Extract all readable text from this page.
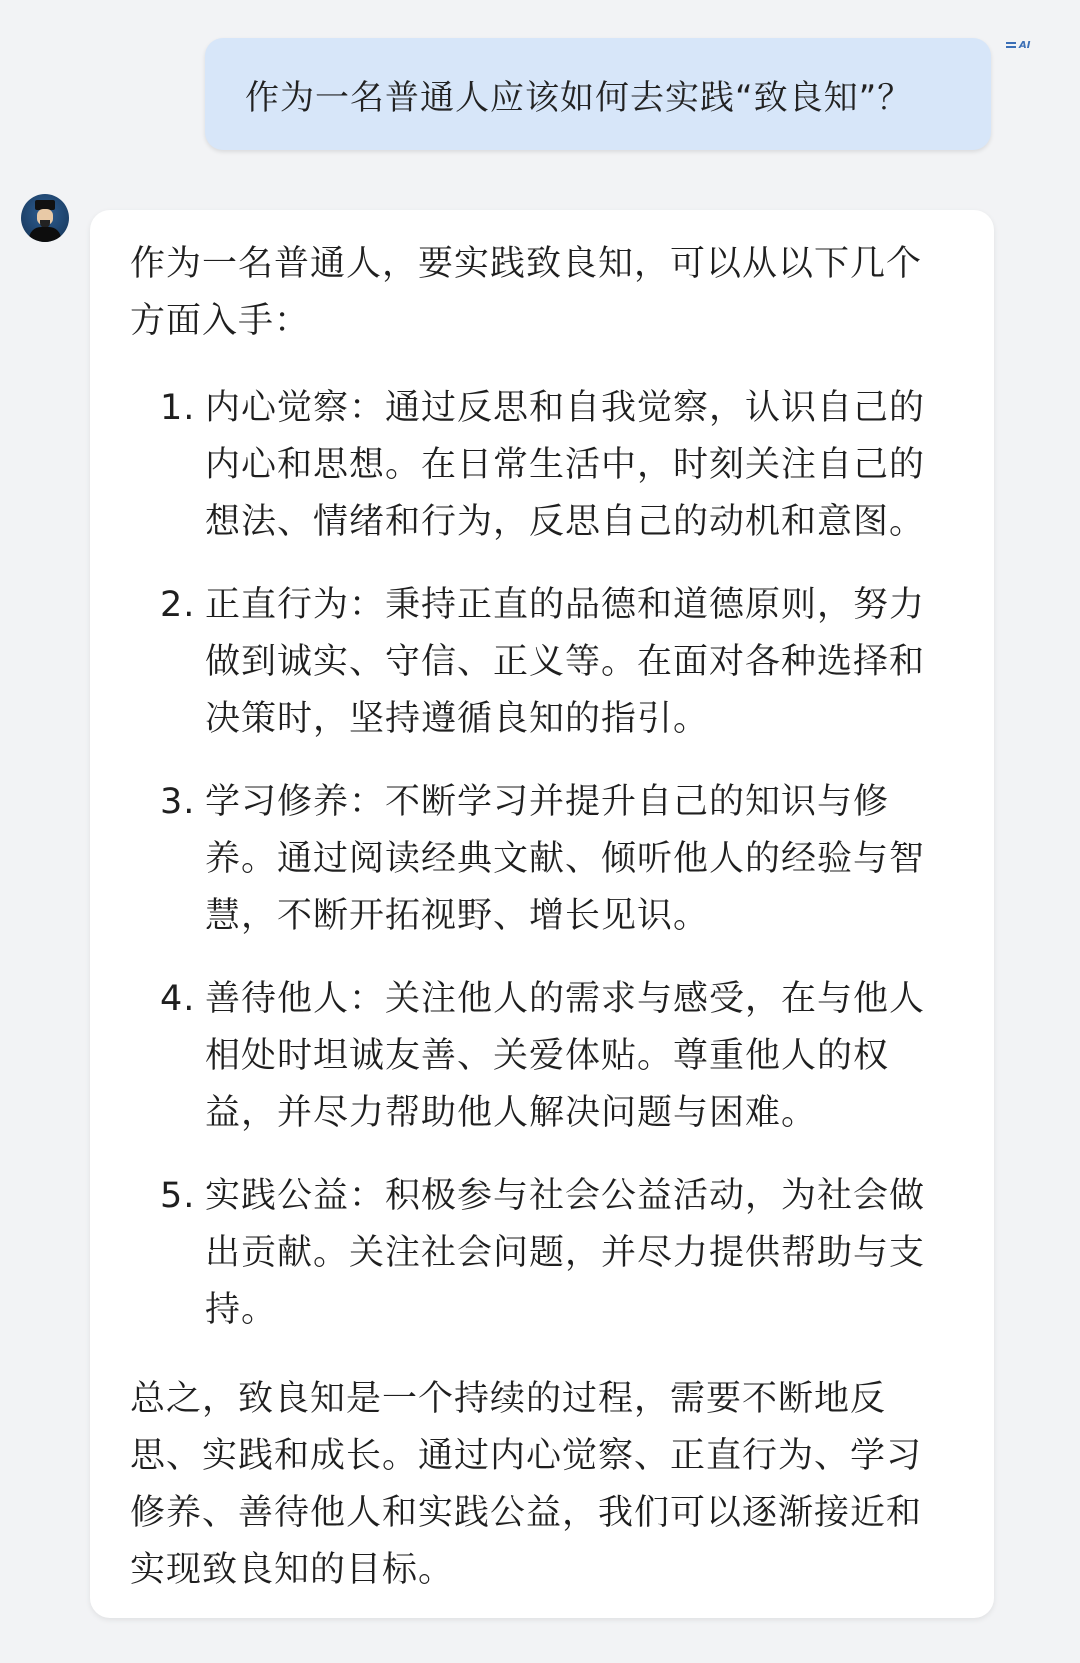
AI
作为一名普通人应该如何去实践“致良知”？

作为一名普通人，要实践致良知，可以从以下几个方面入手：

1. 内心觉察：通过反思和自我觉察，认识自己的内心和思想。在日常生活中，时刻关注自己的想法、情绪和行为，反思自己的动机和意图。
2. 正直行为：秉持正直的品德和道德原则，努力做到诚实、守信、正义等。在面对各种选择和决策时，坚持遵循良知的指引。
3. 学习修养：不断学习并提升自己的知识与修养。通过阅读经典文献、倾听他人的经验与智慧，不断开拓视野、增长见识。
4. 善待他人：关注他人的需求与感受，在与他人相处时坦诚友善、关爱体贴。尊重他人的权益，并尽力帮助他人解决问题与困难。
5. 实践公益：积极参与社会公益活动，为社会做出贡献。关注社会问题，并尽力提供帮助与支持。

总之，致良知是一个持续的过程，需要不断地反思、实践和成长。通过内心觉察、正直行为、学习修养、善待他人和实践公益，我们可以逐渐接近和实现致良知的目标。
